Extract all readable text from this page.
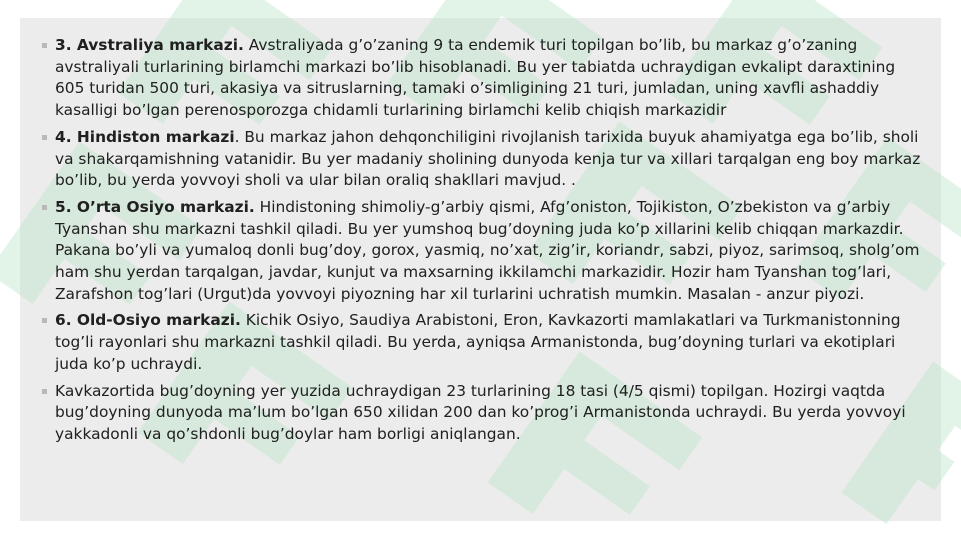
3. Avstraliya markazi. Avstraliyada g’o’zaning 9 ta endemik turi topilgan bo’lib, bu markaz g’o’zaning avstraliyali turlarining birlamchi markazi bo’lib hisoblanadi. Bu yer tabiatda uchraydigan evkalipt daraxtining 605 turidan 500 turi, akasiya va sitruslarning, tamaki o’simligining 21 turi, jumladan, uning xavfli ashaddiy kasalligi bo’lgan perenosporozga chidamli turlarining birlamchi kelib chiqish markazidir
4. Hindiston markazi. Bu markaz jahon dehqonchiligini rivojlanish tarixida buyuk ahamiyatga ega bo’lib, sholi va shakarqamishning vatanidir. Bu yer madaniy sholining dunyoda kenja tur va xillari tarqalgan eng boy markaz bo’lib, bu yerda yovvoyi sholi va ular bilan oraliq shakllari mavjud. .
5. O’rta Osiyo markazi. Hindistoning shimoliy-g’arbiy qismi, Afg’oniston, Tojikiston, O’zbekiston va g’arbiy Tyanshan shu markazni tashkil qiladi. Bu yer yumshoq bug’doyning juda ko’p xillarini kelib chiqqan markazdir. Pakana bo’yli va yumaloq donli bug’doy, gorox, yasmiq, no’xat, zig’ir, koriandr, sabzi, piyoz, sarimsoq, sholg’om ham shu yerdan tarqalgan, javdar, kunjut va maxsarning ikkilamchi markazidir. Hozir ham Tyanshan tog’lari, Zarafshon tog’lari (Urgut)da yovvoyi piyozning har xil turlarini uchratish mumkin. Masalan - anzur piyozi.
6. Old-Osiyo markazi. Kichik Osiyo, Saudiya Arabistoni, Eron, Kavkazorti mamlakatlari va Turkmanistonning tog’li rayonlari shu markazni tashkil qiladi. Bu yerda, ayniqsa Armanistonda, bug’doyning turlari va ekotiplari juda ko’p uchraydi.
Kavkazortida bug’doyning yer yuzida uchraydigan 23 turlarining 18 tasi (4/5 qismi) topilgan. Hozirgi vaqtda bug’doyning dunyoda ma’lum bo’lgan 650 xilidan 200 dan ko’prog’i Armanistonda uchraydi. Bu yerda yovvoyi yakkadonli va qo’shdonli bug’doylar ham borligi aniqlangan.
